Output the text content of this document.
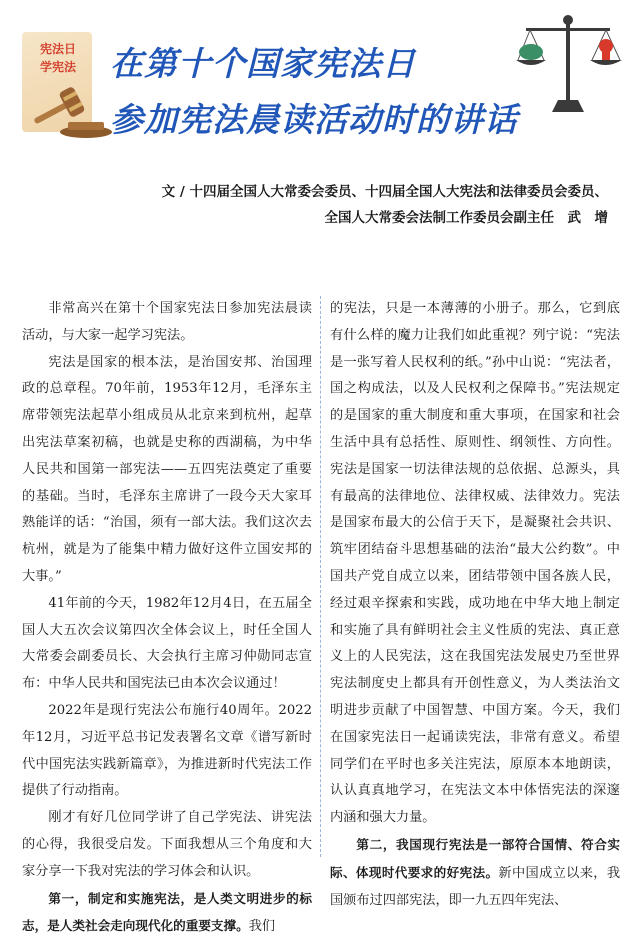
宪法日
学宪法 在第十个国家宪法日
参加宪法晨读活动时的讲话
文 / 十四届全国人大常委会委员、十四届全国人大宪法和法律委员会委员、
全国人大常委会法制工作委员会副主任　武　增

非常高兴在第十个国家宪法日参加宪法晨读活动，与大家一起学习宪法。

宪法是国家的根本法，是治国安邦、治国理政的总章程。70年前，1953年12月，毛泽东主席带领宪法起草小组成员从北京来到杭州，起草出宪法草案初稿，也就是史称的西湖稿，为中华人民共和国第一部宪法——五四宪法奠定了重要的基础。当时，毛泽东主席讲了一段今天大家耳熟能详的话：“治国，须有一部大法。我们这次去杭州，就是为了能集中精力做好这件立国安邦的大事。”

41年前的今天，1982年12月4日，在五届全国人大五次会议第四次全体会议上，时任全国人大常委会副委员长、大会执行主席习仲勋同志宣布：中华人民共和国宪法已由本次会议通过！

2022年是现行宪法公布施行40周年。2022年12月，习近平总书记发表署名文章《谱写新时代中国宪法实践新篇章》，为推进新时代宪法工作提供了行动指南。

刚才有好几位同学讲了自己学宪法、讲宪法的心得，我很受启发。下面我想从三个角度和大家分享一下我对宪法的学习体会和认识。

第一，制定和实施宪法，是人类文明进步的标志，是人类社会走向现代化的重要支撑。我们

的宪法，只是一本薄薄的小册子。那么，它到底有什么样的魔力让我们如此重视？列宁说：“宪法是一张写着人民权利的纸。”孙中山说：“宪法者，国之构成法，以及人民权利之保障书。”宪法规定的是国家的重大制度和重大事项，在国家和社会生活中具有总括性、原则性、纲领性、方向性。宪法是国家一切法律法规的总依据、总源头，具有最高的法律地位、法律权威、法律效力。宪法是国家布最大的公信于天下，是凝聚社会共识、筑牢团结奋斗思想基础的法治“最大公约数”。中国共产党自成立以来，团结带领中国各族人民，经过艰辛探索和实践，成功地在中华大地上制定和实施了具有鲜明社会主义性质的宪法、真正意义上的人民宪法，这在我国宪法发展史乃至世界宪法制度史上都具有开创性意义，为人类法治文明进步贡献了中国智慧、中国方案。今天，我们在国家宪法日一起诵读宪法，非常有意义。希望同学们在平时也多关注宪法，原原本本地朗读，认认真真地学习，在宪法文本中体悟宪法的深邃内涵和强大力量。

第二，我国现行宪法是一部符合国情、符合实际、体现时代要求的好宪法。新中国成立以来，我国颁布过四部宪法，即一九五四年宪法、
